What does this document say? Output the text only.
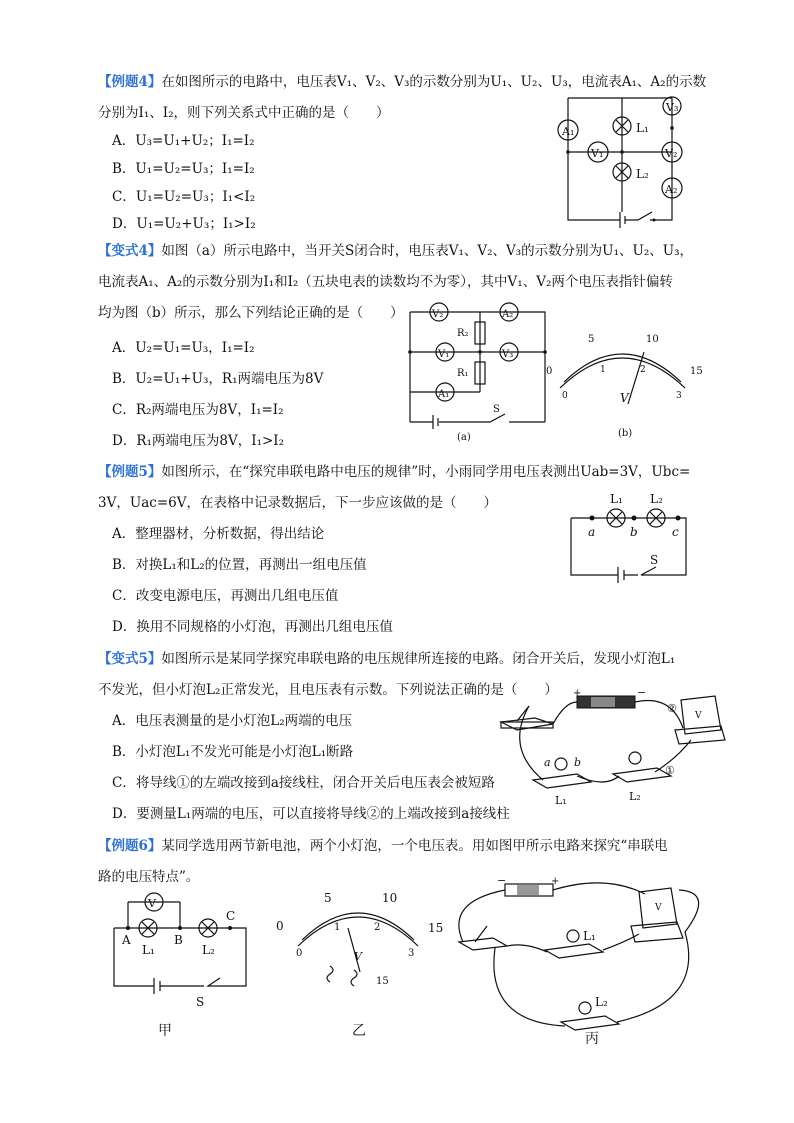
【例题4】在如图所示的电路中，电压表V₁、V₂、V₃的示数分别为U₁、U₂、U₃，电流表A₁、A₂的示数
分别为I₁、I₂，则下列关系式中正确的是（　　）
A．U₃=U₁+U₂；I₁=I₂
B．U₁=U₂=U₃；I₁=I₂
C．U₁=U₂=U₃；I₁<I₂
D．U₁=U₂+U₃；I₁>I₂
A₁
V₃
L₁
V₁	V₂
L₂
A₂
【变式4】如图（a）所示电路中，当开关S闭合时，电压表V₁、V₂、V₃的示数分别为U₁、U₂、U₃，
电流表A₁、A₂的示数分别为I₁和I₂（五块电表的读数均不为零），其中V₁、V₂两个电压表指针偏转
均为图（b）所示，那么下列结论正确的是（　　）
A．U₂=U₁=U₃，I₁=I₂
B．U₂=U₁+U₃，R₁两端电压为8V
C．R₂两端电压为8V，I₁=I₂
D．R₁两端电压为8V，I₁>I₂
V₂	A₂
R₂
V₁	V₃
R₁
A₁
S
(a)
0
5	10
15
0
1	2
3
V
(b)
【例题5】如图所示，在“探究串联电路中电压的规律”时，小雨同学用电压表测出Uab=3V，Ubc=
3V，Uac=6V，在表格中记录数据后，下一步应该做的是（　　）
A．整理器材，分析数据，得出结论
B．对换L₁和L₂的位置，再测出一组电压值
C．改变电源电压，再测出几组电压值
D．换用不同规格的小灯泡，再测出几组电压值
L₁ L₂
a	b	c
S
【变式5】如图所示是某同学探究串联电路的电压规律所连接的电路。闭合开关后，发现小灯泡L₁
不发光，但小灯泡L₂正常发光，且电压表有示数。下列说法正确的是（　　）
A．电压表测量的是小灯泡L₂两端的电压
B．小灯泡L₁不发光可能是小灯泡L₁断路
C．将导线①的左端改接到a接线柱，闭合开关后电压表会被短路
D．要测量L₁两端的电压，可以直接将导线②的上端改接到a接线柱
+	−
V
a b
L₁	L₂
①
②
【例题6】某同学选用两节新电池，两个小灯泡，一个电压表。用如图甲所示电路来探究“串联电
路的电压特点”。
V
A	B
C
L₁	L₂
S
甲
0
5	10
15
0
1	2
3
V
15
乙
−	+
V
L₁
L₂
丙
